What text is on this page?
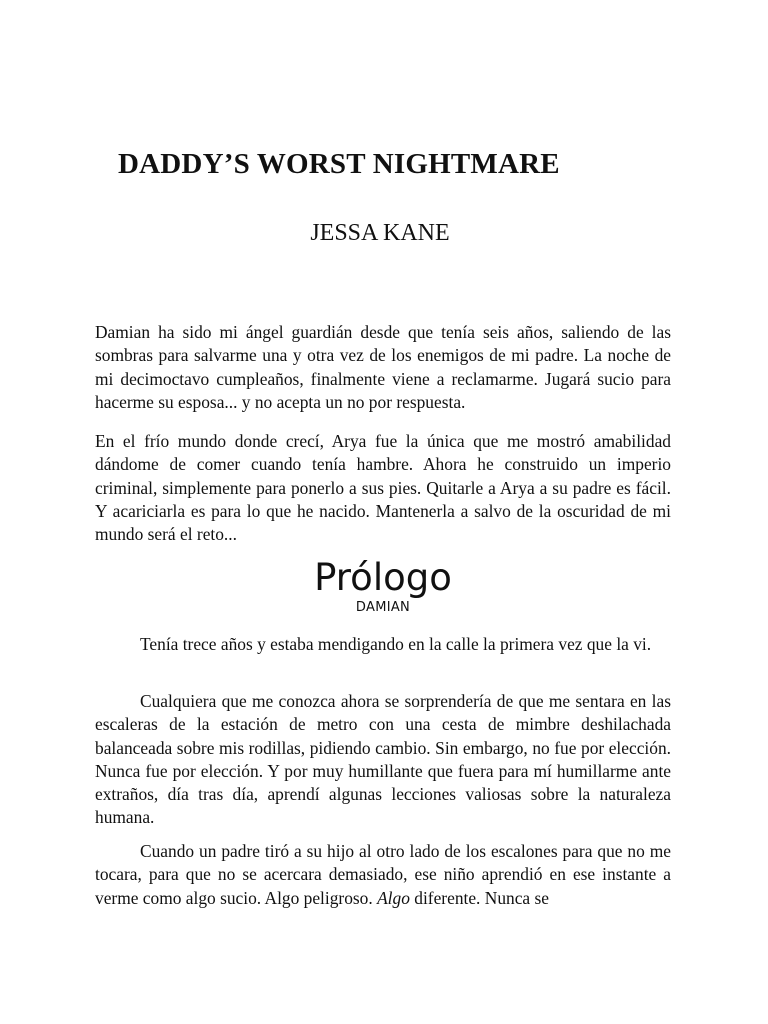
DADDY’S WORST NIGHTMARE
JESSA KANE

Damian ha sido mi ángel guardián desde que tenía seis años, saliendo de las sombras para salvarme una y otra vez de los enemigos de mi padre. La noche de mi decimoctavo cumpleaños, finalmente viene a reclamarme. Jugará sucio para hacerme su esposa... y no acepta un no por respuesta.

En el frío mundo donde crecí, Arya fue la única que me mostró amabilidad dándome de comer cuando tenía hambre. Ahora he construido un imperio criminal, simplemente para ponerlo a sus pies. Quitarle a Arya a su padre es fácil. Y acariciarla es para lo que he nacido. Mantenerla a salvo de la oscuridad de mi mundo será el reto...

Prólogo
DAMIAN

Tenía trece años y estaba mendigando en la calle la primera vez que la vi.

Cualquiera que me conozca ahora se sorprendería de que me sentara en las escaleras de la estación de metro con una cesta de mimbre deshilachada balanceada sobre mis rodillas, pidiendo cambio. Sin embargo, no fue por elección. Nunca fue por elección. Y por muy humillante que fuera para mí humillarme ante extraños, día tras día, aprendí algunas lecciones valiosas sobre la naturaleza humana.

Cuando un padre tiró a su hijo al otro lado de los escalones para que no me tocara, para que no se acercara demasiado, ese niño aprendió en ese instante a verme como algo sucio. Algo peligroso. Algo diferente. Nunca se
